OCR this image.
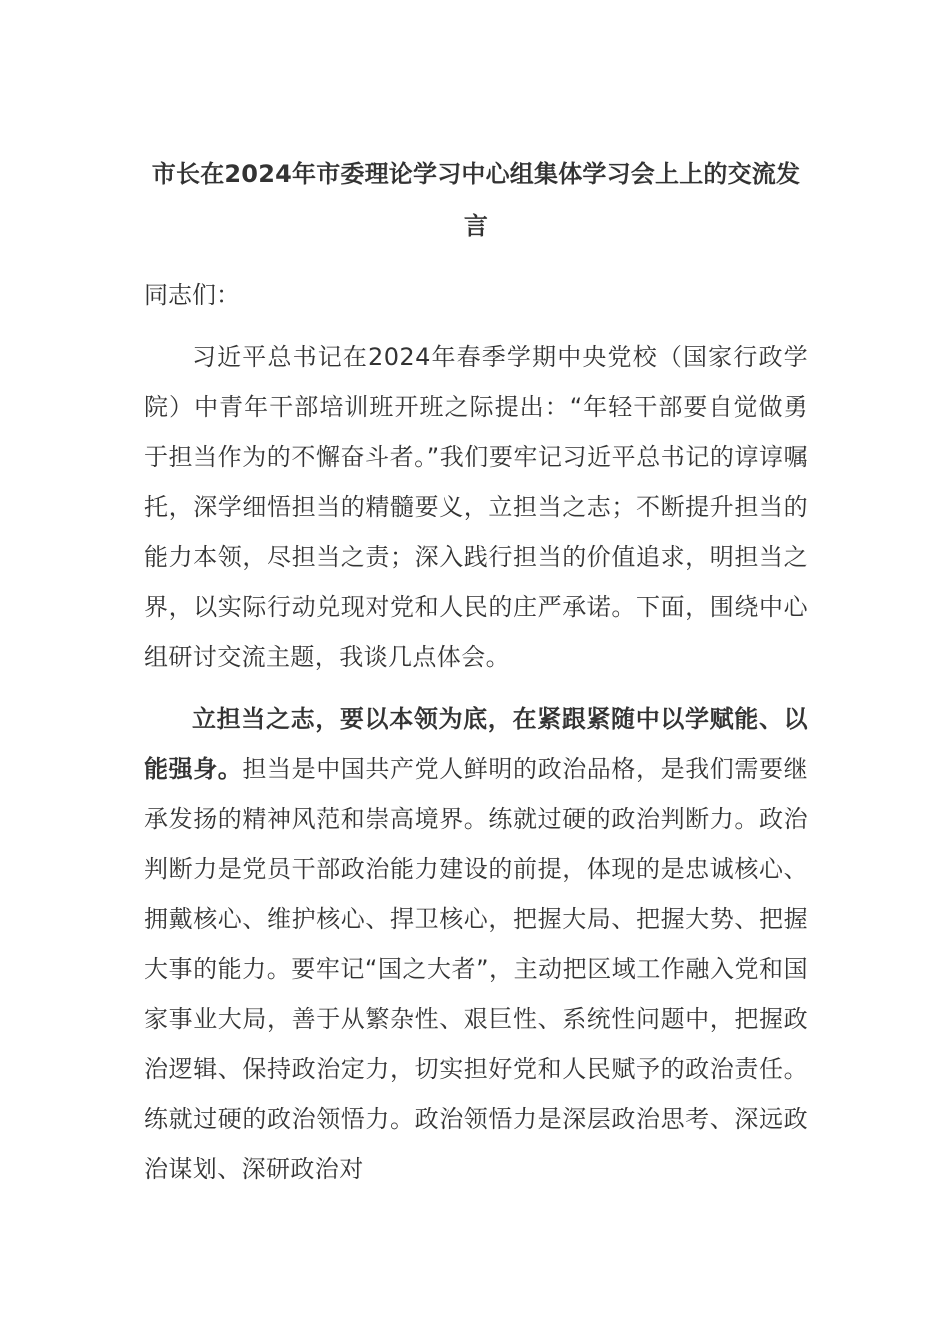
市长在2024年市委理论学习中心组集体学习会上上的交流发言

同志们：

习近平总书记在2024年春季学期中央党校（国家行政学院）中青年干部培训班开班之际提出：“年轻干部要自觉做勇于担当作为的不懈奋斗者。”我们要牢记习近平总书记的谆谆嘱托，深学细悟担当的精髓要义，立担当之志；不断提升担当的能力本领，尽担当之责；深入践行担当的价值追求，明担当之界，以实际行动兑现对党和人民的庄严承诺。下面，围绕中心组研讨交流主题，我谈几点体会。

立担当之志，要以本领为底，在紧跟紧随中以学赋能、以能强身。担当是中国共产党人鲜明的政治品格，是我们需要继承发扬的精神风范和崇高境界。练就过硬的政治判断力。政治判断力是党员干部政治能力建设的前提，体现的是忠诚核心、拥戴核心、维护核心、捍卫核心，把握大局、把握大势、把握大事的能力。要牢记“国之大者”，主动把区域工作融入党和国家事业大局，善于从繁杂性、艰巨性、系统性问题中，把握政治逻辑、保持政治定力，切实担好党和人民赋予的政治责任。练就过硬的政治领悟力。政治领悟力是深层政治思考、深远政治谋划、深研政治对
